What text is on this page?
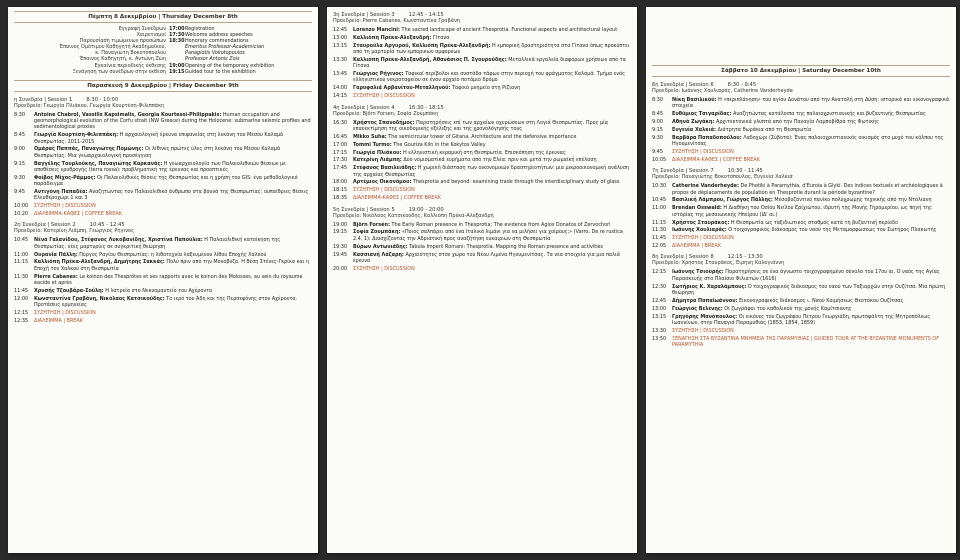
Πέμπτη 8 Δεκεμβρίου | Thursday December 8th
Εγγραφή Συνέδρων 17:00 Registration
Χαιρετισμοί 17:30 Welcome address speeches
Παρουσίαση τιμώμενων προσώπων 18:30 Honorary commendations
Έπαινος Ομότιμου Καθηγητή Ακαδημαϊκού,	Emeritus Professor-Academician
κ. Παναγιώτη Βοκοτόπουλου	Panagiotis Vokotopoulos
Έπαινος Καθηγητή, κ. Αντώνη Ζώη	Professor Antonis Zois
Εγκαίνια περιοδικής έκθεσης 19:00 Opening of the temporary exhibition
Ξενάγηση των συνέδρων στην έκθεση 19:15 Guided tour to the exhibition
Παρασκευή 9 Δεκεμβρίου | Friday December 9th
η Συνεδρία | Session 1	8:30 - 10:00
Προεδρείο: Γεωργία Πλιάκου, Γεωργία Κουρτέση-Φιλιππάκη
8:30	Antoine Chabrol, Vassilis Kapsimalis, Georgia Kourtessi-Philippakis: Human occupation and geomorphological evolution of the Corfu strait (NW Greece) during the Holocene: submarine seismic profiles and sedimentological proxies
8:45	Γεωργία Κουρτέση-Φιλιππάκη: Η αρχαιολογική έρευνα επιφανείας στη λεκάνη του Μέσου Καλαμά Θεσπρωτίας: 2011-2015
9:00	Ομάρας Παππάς, Παναγιώτης Πομώνης: Οι λίθινες πρώτες ύλες στη λεκάνη του Μέσου Καλαμά Θεσπρωτίας: Μια γεωαρχαιολογική προσέγγιση
9:15	Βαγγέλης Τουρλούκης, Παναγιώτης Καρκανάς: Η γεωαρχαιολογία των Παλαιολιθικών θέσεων με αποθέσεις ερυθρογής (terra rossa): προβληματική της έρευνας και προοπτικές
9:30	Φοίβος Μίχος-Ράμμος: Οι Παλαιολιθικές θέσεις της Θεσπρωτίας και η χρήση του GIS: ένα μεθοδολογικό παράδειγμα
9:45	Αντιγόνη Παπαδέα: Αναζητώντας τον Παλαιολιθικό άνθρωπο στα βουνά της Θεσπρωτίας: ουπαίθριες θέσεις Ελευθεροχώρι 1 και 3
10:00	ΣΥΖΗΤΗΣΗ | DISCUSSION
10:20	ΔΙΑΛΕΙΜΜΑ-ΚΑΦΕΣ | COFFEE BREAK
2η Συνεδρία | Session 2	10:45 - 12:45
Προεδρείο: Κατερίνη Λιάμπη, Γεώργιος Ρήγινος
10:45	Νένα Γαλανίδου, Στέφανος Λυκοβανίδης, Χριστίνα Παπούλια: Η Παλαιολιθική κατοίκηση της Θεσπρωτίας: νέες μαρτυρίες σε συγκριτική θεώρηση
11:00	Ουρανία Πάλλη: Πύργος Ραγίου Θεσπρωτίας: η λιθοτεχνία λαξευμένου λίθου Εποχής Χαλκού
11:15	Καλλιόπη Πρέκα-Αλεξανδρή, Δημήτρης Σακκάς: Πολύ πριν από την Μονοβύζα. Η θέση Στένες-Γκρίκα και η Εποχή του Χαλκού στη Θεσπρωτία
11:30	Pierre Cabanes: Le koinon des Thesprôtes et ses rapports avec le koinon des Molosses, au sein du royaume éacide et après
11:45	Χρυσής Τζουβάρα-Σούλη: Η λατρεία στο Νεκυομαντείο του Αχέροντα
12:00	Κωνσταντίνα Γραβάνη, Νικόλαος Κατσικούδης: Το ιερό του Άδη και της Περσεφόνης στον Αχέροντα. Προτάσεις ερμηνείας
12:15	ΣΥΖΗΤΗΣΗ | DISCUSSION
12:35	ΔΙΑΛΕΙΜΜΑ | BREAK
3η Συνεδρία | Session 3	12:45 - 14:15
Προεδρείο: Pierre Cabanes, Κωνσταντίνα Γραβάνη
12:45	Lorenzo Mancini: The sacred landscape of ancient Thesprotia. Functional aspects and architectural layout
13:00	Καλλιόπη Πρέκα-Αλεξανδρή: Γίτανα
13:15	Σταυρούλα Αργυρού, Καλλιόπη Πρέκα-Αλεξανδρή: Η εμπορική δραστηριότητα στα Γίτανα όπως προκύπτει από τη μαρτυρία των εμπορικών αμφορέων
13:30	Καλλιόπη Πρέκα-Αλεξανδρή, Αθανάσιος Π. Σγουρούδης: Μεταλλικά εργαλεία διαφόρων χρήσεων από τα Γίτανα
13:45	Γεώργιος Ρήγινος: Ταφικοί περίβολοι και συστάδα τάφων στην περιοχή του φράγματος Καλαμά. Τμήμα ενός ελληνιστικού νεκροταφείου σε έναν αρχαίο ποτάμιο δρόμο
14:00	Γαρυφαλιά Αρβανίτου-Μεταλληνού: Ταφικό μνημείο στη Ρίζιανη
14:15	ΣΥΖΗΤΗΣΗ | DISCUSSION
4η Συνεδρία | Session 4	16:30 - 18:15
Προεδρείο: Björn Forsen, Σοφία Ζουμπάκη
16:30	Χρήστος Σπανοδήμος: Παρατηρήσεις επί των αρχαίων οχυρώσεων στη Λογιά Θεσπρωτίας. Προς μία επανεκτίμηση της οικοδομικής εξέλιξης και της χρονολόγησής τους
16:45	Mikko Suha: The semicircular tower of Gitana. Architecture and the defensive importance
17:00	Tommi Turmo: The Gouriza Kiln in the Kokytos Valley
17:15	Γεωργία Πλιάκου: Η ελληνιστική κεραμική στη Θεσπρωτία. Επισκόπηση της έρευνας
17:30	Κατερίνη Λιάμπη: Δύο νομισματικά ευρήματα από την Ελέα: πριν και μετά την ρωμαϊκή επέλαση
17:45	Στέφανος Βασιλειάδης: Η χωρική διάσταση των οικονομικών δραστηριοτήτων: μια μικροοικονομική ανάλυση της αρχαίας Θεσπρωτίας
18:00	Αρτέμιος Οικονόμου: Thesprotia and beyond: examining trade through the interdisciplinary study of glass
18:15	ΣΥΖΗΤΗΣΗ | DISCUSSION
18:35	ΔΙΑΛΕΙΜΜΑ-ΚΑΦΕΣ | COFFEE BREAK
5η Συνεδρία | Session 5	19:00 - 20:00
Προεδρείο: Νικόλαος Κατσικούδης, Καλλιόπη Πρέκα-Αλεξανδρή
19:00	Björn Forsén: The Early Roman presence in Thesprotia: The evidence from Agios Donatos of Zervochori
19:15	Σοφία Ζουμπάκη: «Ποιος σαλπάρει από ένα Ιταλικό λιμάνι για να μιλήσει για χοίρους;» (Varro, De re rustica 2.4, 1): Διασχίζοντας την Αδριατική προς αναζήτηση ευκαιριών στη Θεσπρωτία
19:30	Βύρων Αντωνιάδης: Tabula Imperii Romani: Thesprotia. Mapping the Roman presence and activities
19:45	Κασσιανή Λάζαρη: Αρχαιότητες στον χώρο του Νέου Λιμένα Ηγουμενίτσας. Τα νέα στοιχεία για μια παλιά έρευνα
20:00	ΣΥΖΗΤΗΣΗ | DISCUSSION
Σάββατο 10 Δεκεμβρίου | Saturday December 10th
6η Συνεδρία | Session 6	8:30 - 9:45
Προεδρείο: Ιωάννης Χουλιαράς, Catherine Vanderheyde
8:30	Νίκη Βασιλικού: Η «περιπλάνηση» του αγίου Δονάτου από την Ανατολή στη Δύση: ιστορικά και εικονογραφικά στοιχεία
8:45	Ευθύμιος Τσιγαρίδας: Αναζητώντας κατάλοιπα της παλαιοχριστιανικής και βυζαντινής Θεσπρωτίας
9:00	Αθηνά Ζωγάκη: Αρχιτεκτονικά γλυπτά από την Παναγία Λαμποβίθρα της Φωτικής
9:15	Ευγενία Χαλκιά: Διάτρητα θωράκια από τη Θεσπρωτία
9:30	Βαρβάρα Παπαδοπούλου: Λαδοχώρι (Σύβοτα): Ένας παλαιοχριστιανικός οικισμός στο μυχό του κόλπου της Ηγουμενίτσας
9:45	ΣΥΖΗΤΗΣΗ | DISCUSSION
10:05	ΔΙΑΛΕΙΜΜΑ-ΚΑΦΕΣ | COFFEE BREAK
7η Συνεδρία | Session 7	10:30 - 11:45
Προεδρείο: Παναγιώτης Βοκοτόπουλος, Ευγενία Χαλκιά
10:30	Catherine Vanderheyde: De Photiki à Paramythia, d'Euroia à Glyki. Des indices textuels et archéologiques à propos de déplacements de population en Thesprotie durant la période byzantine?
10:45	Βασιλική Λάμπρου, Γιώργος Πάλλης: Μεσοβυζαντινό πανίκο πολύχρωμης τεχνικής από την Ντόλιανη
11:00	Brendan Osswald: Η Διαθήκη του Οσίου Νείλου Ερίχιώτου, ιδρυτή της Μονής Γηρομερίου, ως πηγή της ιστορίας της μεσαιωνικής Ηπείρου (ΙΔ' αι.)
11:15	Χρήστος Σταυράκος: Η Θεσπρωτία ως ταξιδιωτικός σταθμός κατά τη βυζαντινή περίοδο
11:30	Ιωάννης Χουλιαράς: Ο τοιχογραφικός διάκοσμος του ναού της Μεταμορφώσεως του Σωτήρος Πλακωτής
11:45	ΣΥΖΗΤΗΣΗ | DISCUSSION
12:05	ΔΙΑΛΕΙΜΜΑ | BREAK
8η Συνεδρία | Session 8	12:15 - 13:30
Προεδρείο: Χρήστος Σταυράκος, Ειρήνη Καλογιάννη
12:15	Ιωάννης Τσιουρής: Παρατηρήσεις σε ένα άγνωστο τοιχογραφημένο σύνολο του 17ου αι. Ο ναός της Αγίας Παρασκευής στο Πλαίσιο Φιλιατών (1616)
12:30	Σωτήριος Κ. Χαραλάμπους: Ο τοιχογραφικός διάκοσμος του ναού των Ταξιαρχών στην Ουζίτσα. Μια πρώτη θεώρηση
12:45	Δήμητρα Παπαϊωάννου: Εικονογραφικός διάκοσμος ι. Ναού Κοιμήσεως Θεοτόκου Ουζίτσας
13:00	Γεώργιος Βελένης: Οι ζωγράφοι του καθολικού της μονής Καμίτσιανης
13:15	Γρηγόρης Μανόπουλος: Οι εικόνες του ζωγράφου Πέτρου Γεωργιάδη, πρωτοψάλτη της Μητροπόλεως Ιωαννίνων, στην Παναγιά Παραμυθιάς (1853, 1854, 1859)
13:30	ΣΥΖΗΤΗΣΗ | DISCUSSION
13:50	ΞΕΝΑΓΗΣΗ ΣΤΑ ΒΥΖΑΝΤΙΝΑ ΜΝΗΜΕΙΑ ΤΗΣ ΠΑΡΑΜΥΘΙΑΣ | GUIDED TOUR AT THE BYZANTINE MONUMENTS OF PARAMYTHIA
